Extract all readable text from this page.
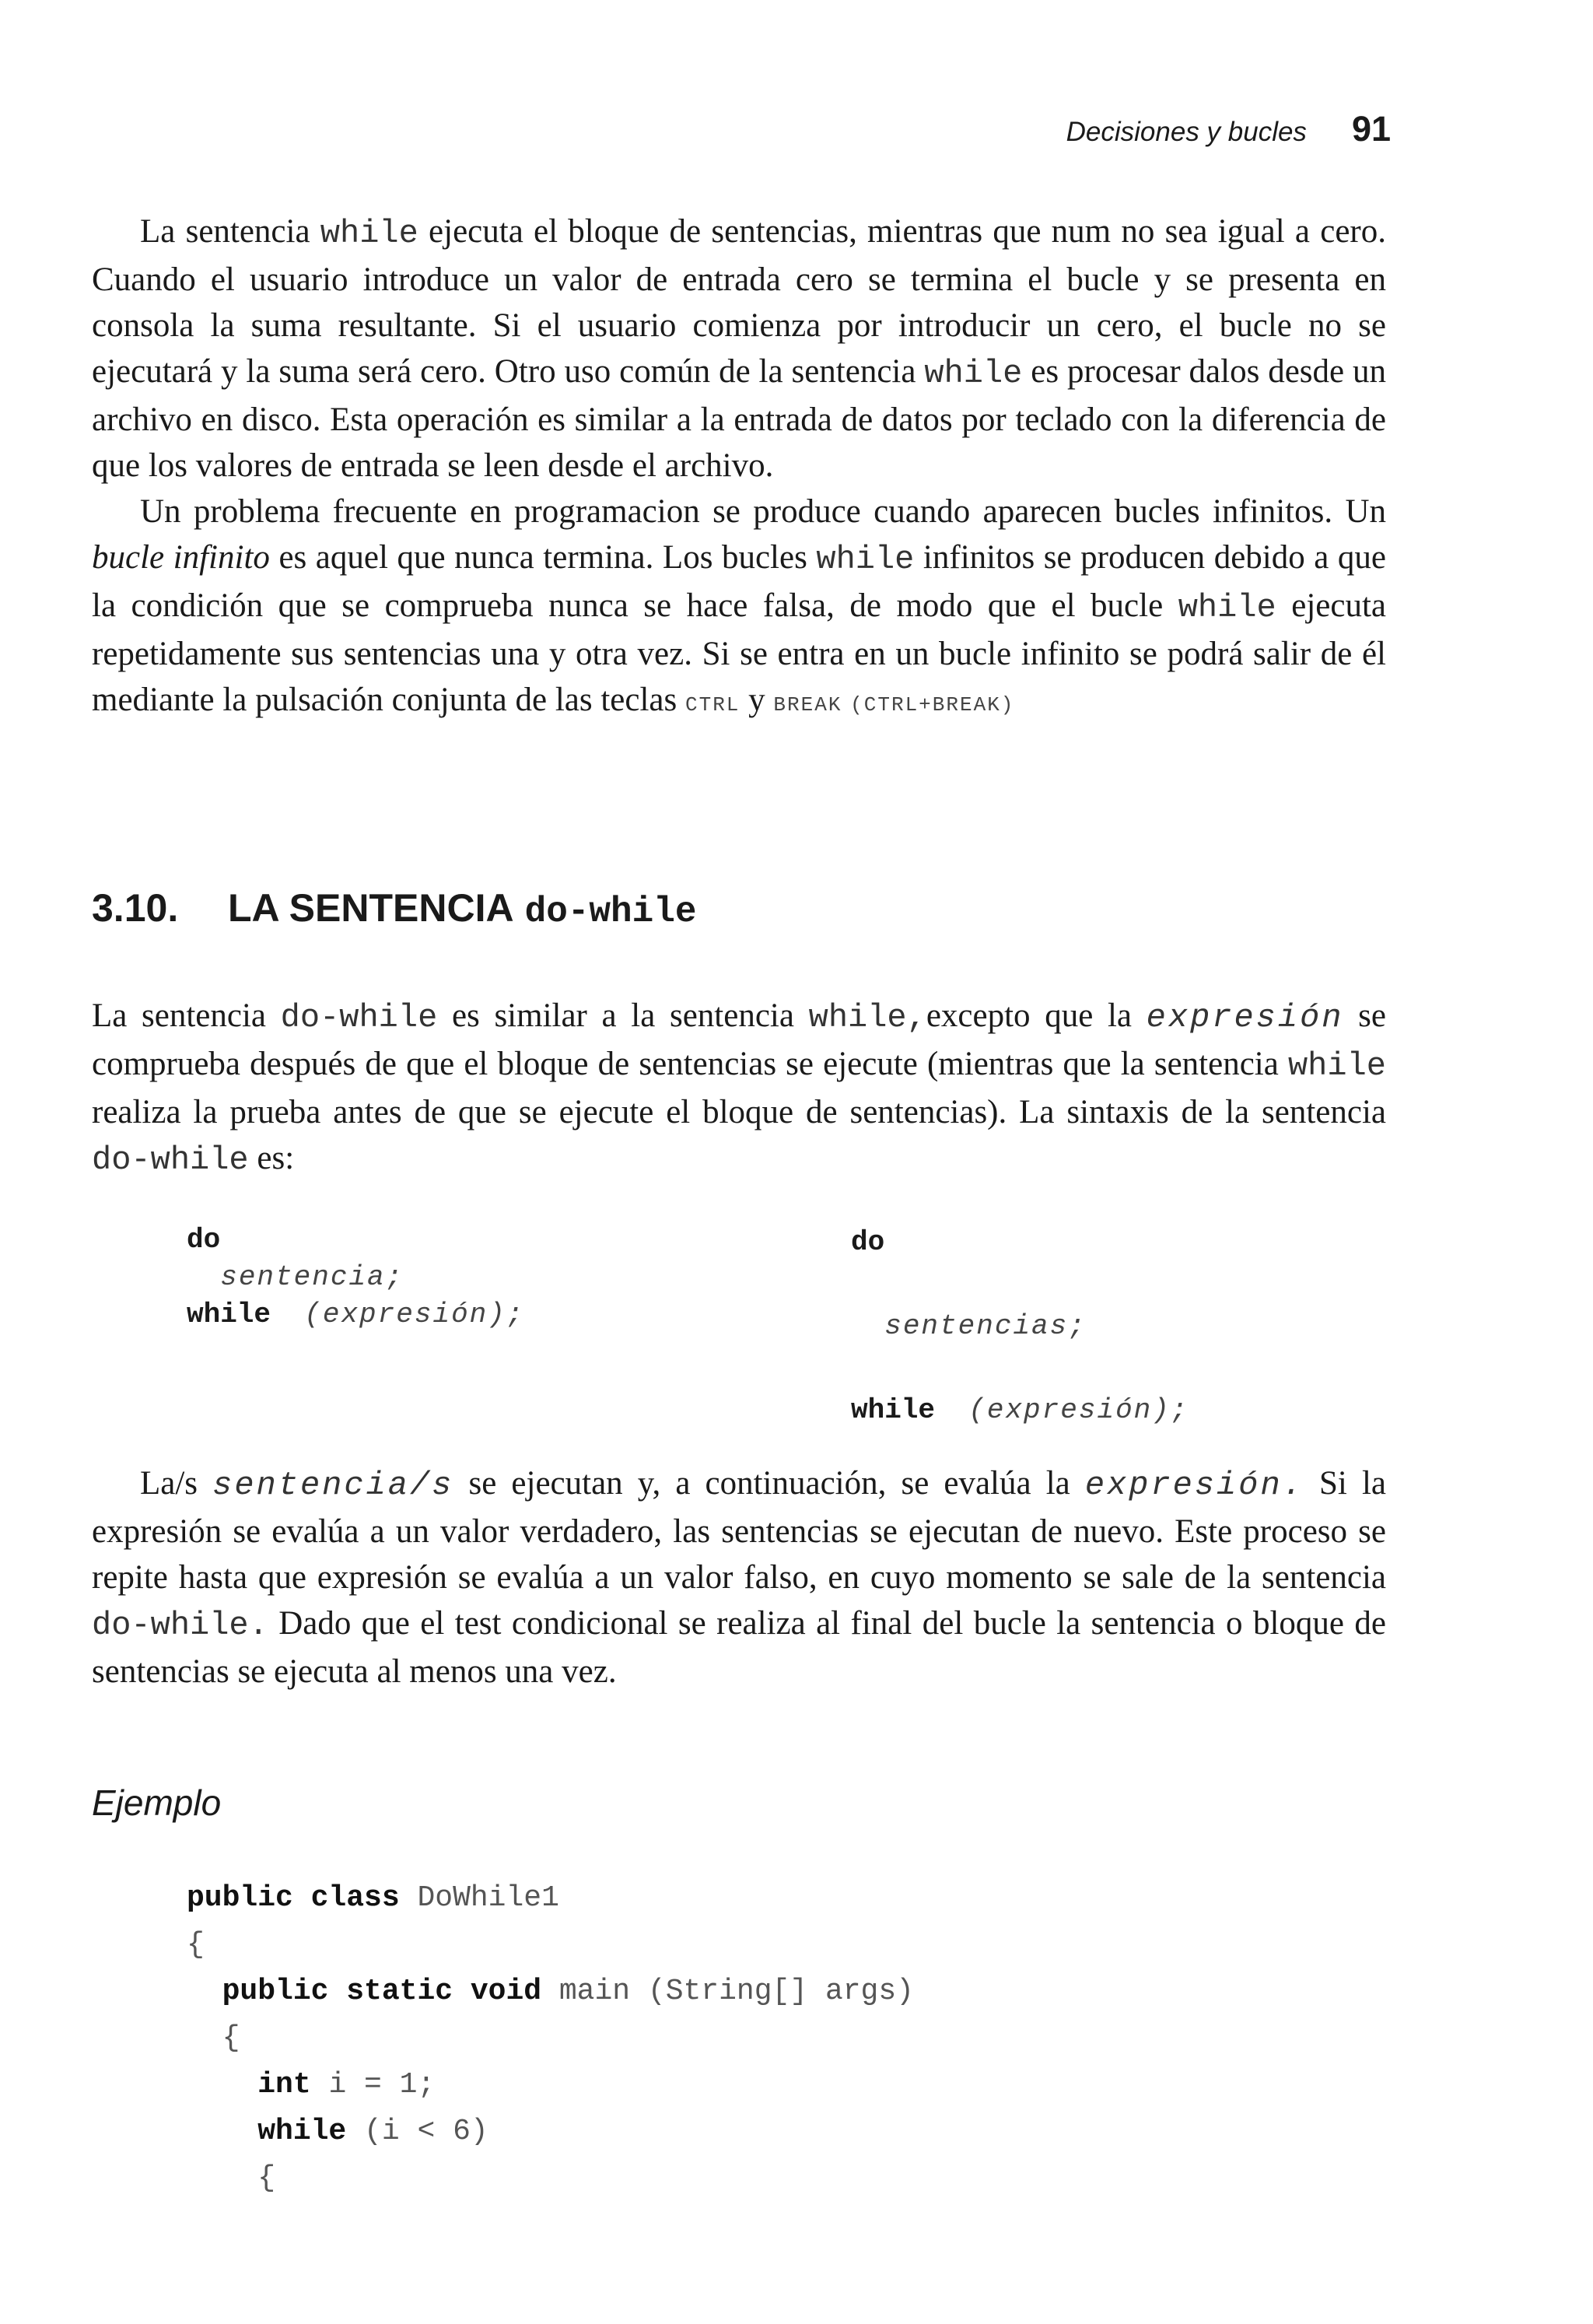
Decisiones y bucles 91

La sentencia while ejecuta el bloque de sentencias, mientras que num no sea igual a cero. Cuando el usuario introduce un valor de entrada cero se termina el bucle y se presenta en consola la suma resultante. Si el usuario comienza por introducir un cero, el bucle no se ejecutará y la suma será cero. Otro uso común de la sentencia while es procesar dalos desde un archivo en disco. Esta operación es similar a la entrada de datos por teclado con la diferencia de que los valores de entrada se leen desde el archivo.

Un problema frecuente en programacion se produce cuando aparecen bucles infinitos. Un bucle infinito es aquel que nunca termina. Los bucles while infinitos se producen debido a que la condición que se comprueba nunca se hace falsa, de modo que el bucle while ejecuta repetidamente sus sentencias una y otra vez. Si se entra en un bucle infinito se podrá salir de él mediante la pulsación conjunta de las teclas CTRL y BREAK (CTRL+BREAK)

3.10.	LA SENTENCIA do-while

La sentencia do-while es similar a la sentencia while,excepto que la expresión se comprueba después de que el bloque de sentencias se ejecute (mientras que la sentencia while realiza la prueba antes de que se ejecute el bloque de sentencias). La sintaxis de la sentencia do-while es:

do
sentencia;
while (expresión);
do

sentencias;

while (expresión);

La/s sentencia/s se ejecutan y, a continuación, se evalúa la expresión. Si la expresión se evalúa a un valor verdadero, las sentencias se ejecutan de nuevo. Este proceso se repite hasta que expresión se evalúa a un valor falso, en cuyo momento se sale de la sentencia do-while. Dado que el test condicional se realiza al final del bucle la sentencia o bloque de sentencias se ejecuta al menos una vez.

Ejemplo
public class DoWhile1
{
public static void main (String[] args)
{
int i = 1;
while (i < 6)
{
